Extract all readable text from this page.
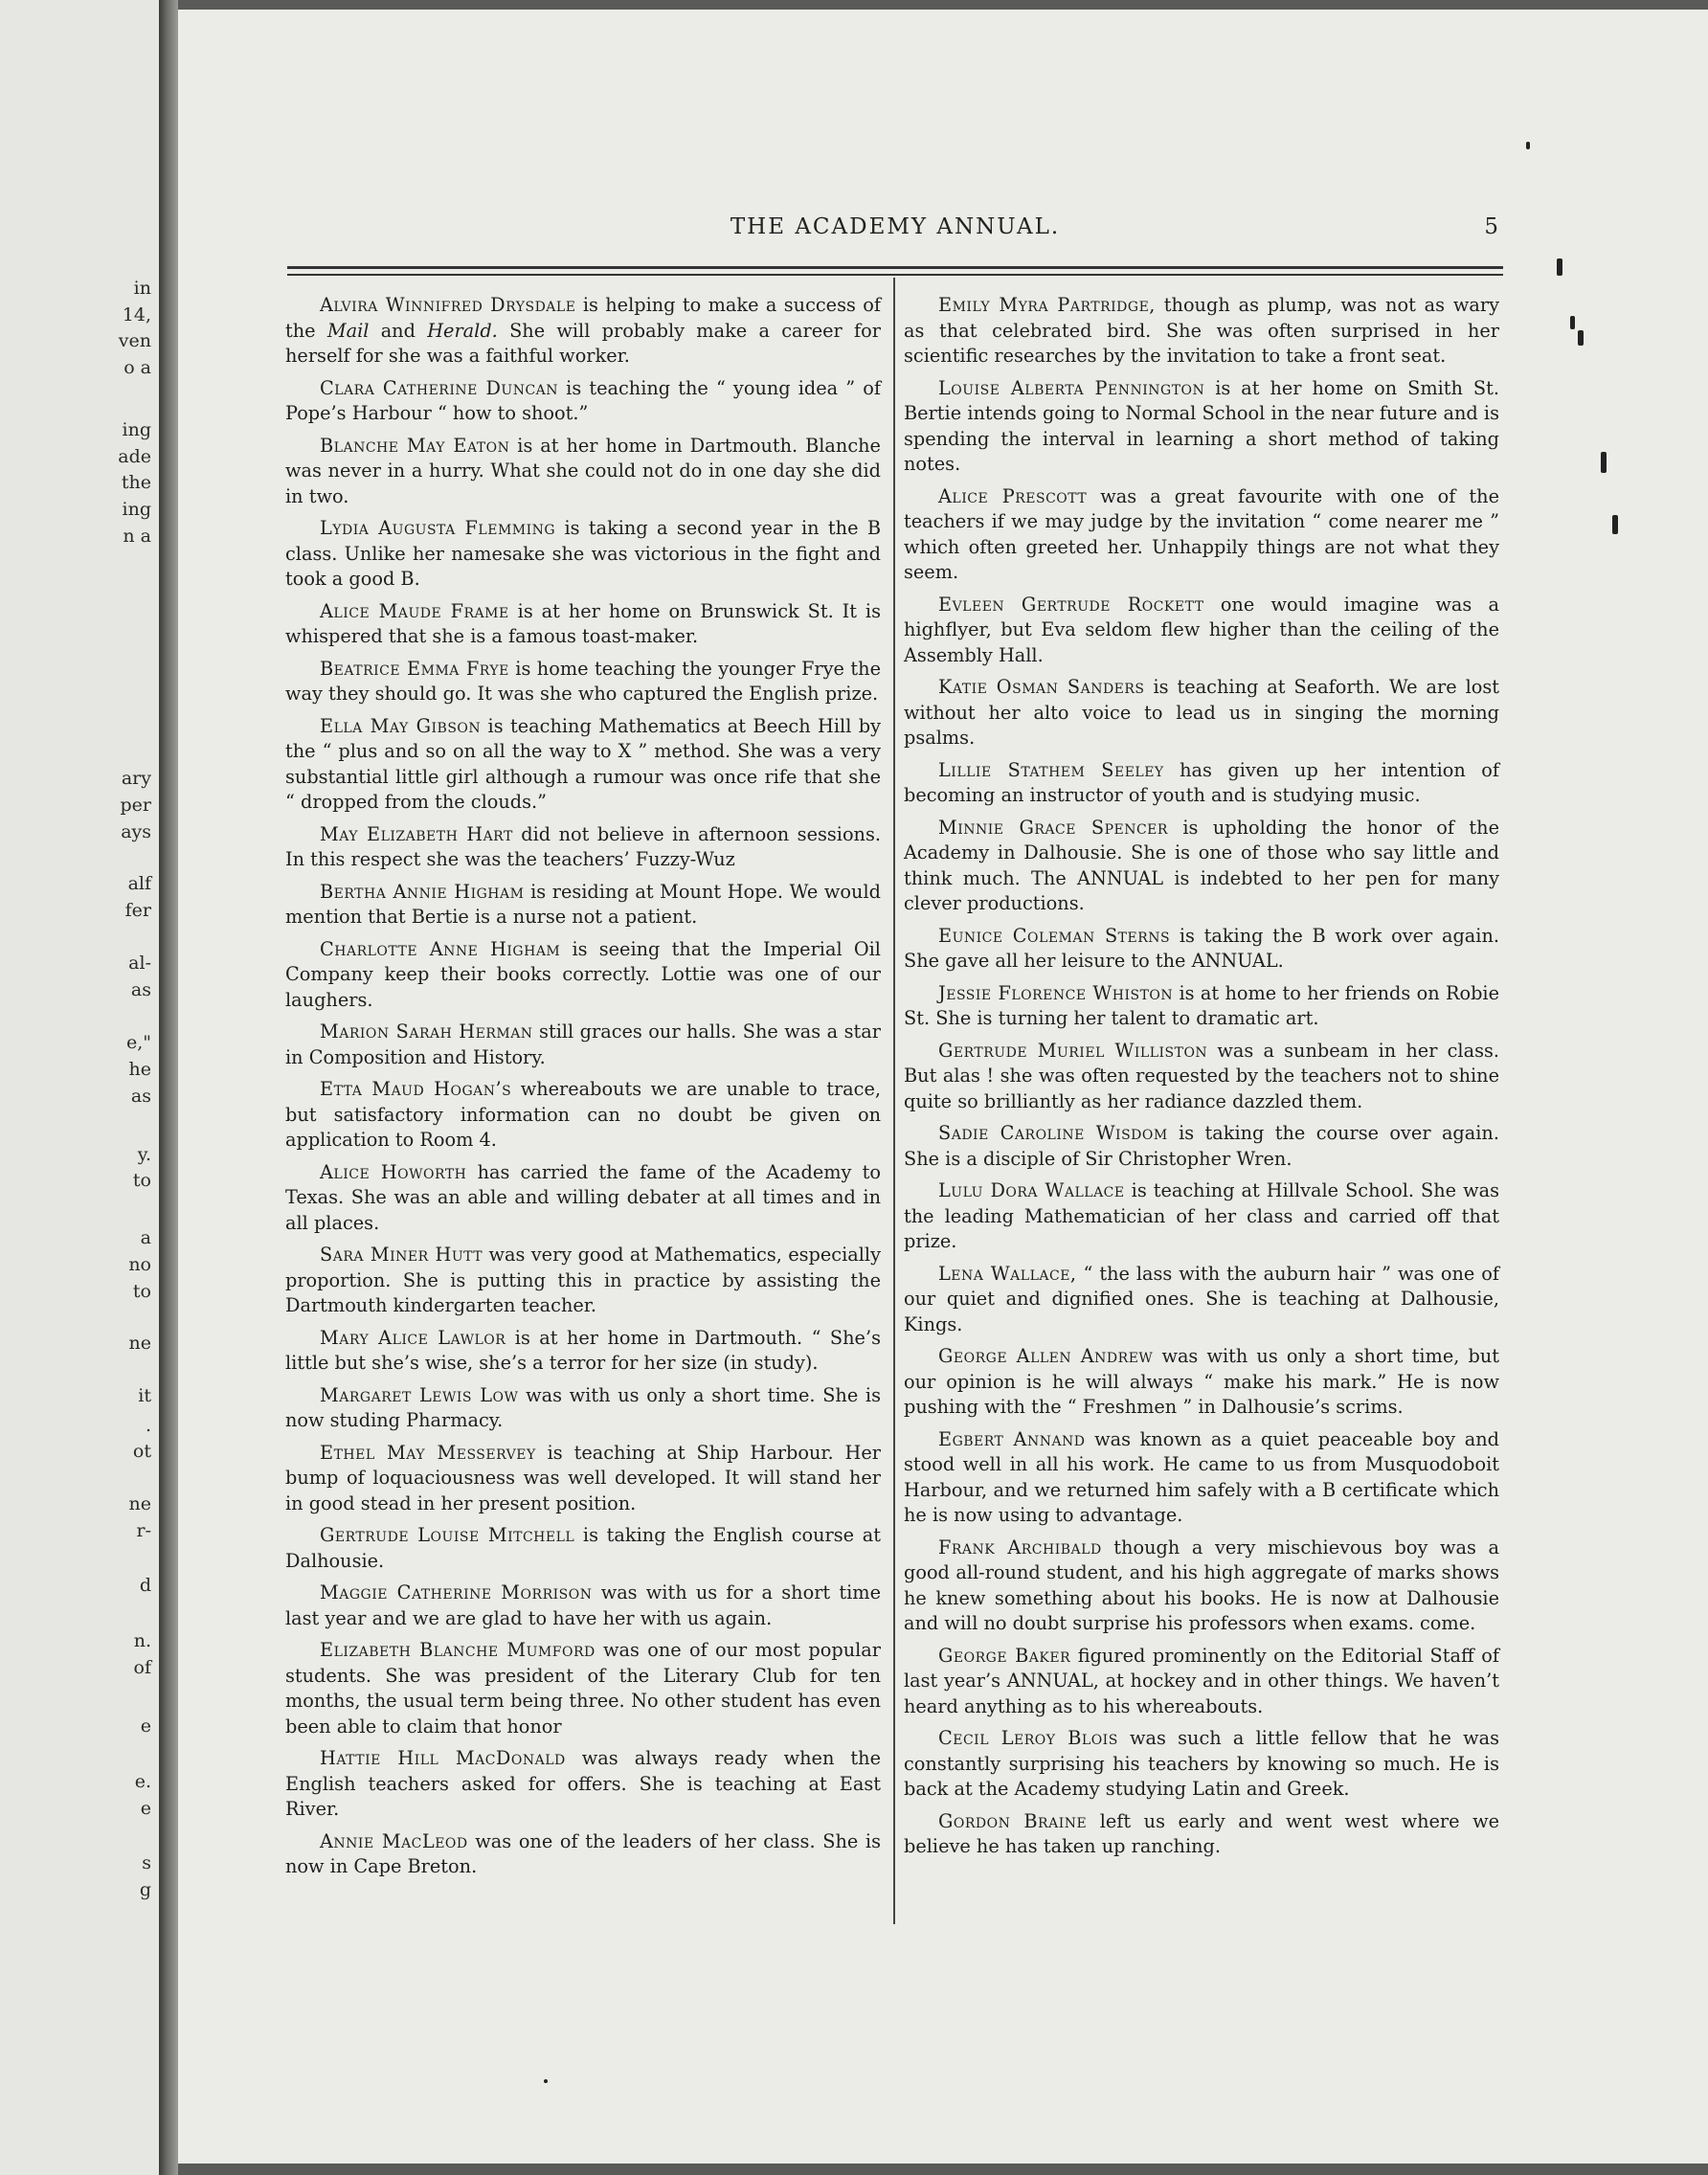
in
14,
ven
o a
ing
ade
the
ing
n a
ary
per
ays
alf
fer
al-
as
e,"
he
as
y.
to
a
no
to
ne
it
.
ot
ne
r-
d
n.
of
e
e.
e
s
g
THE ACADEMY ANNUAL.	5

Alvira Winnifred Drysdale is helping to make a success of the Mail and Herald. She will probably make a career for herself for she was a faithful worker.

Clara Catherine Duncan is teaching the “ young idea ” of Pope’s Harbour “ how to shoot.”

Blanche May Eaton is at her home in Dartmouth. Blanche was never in a hurry. What she could not do in one day she did in two.

Lydia Augusta Flemming is taking a second year in the B class. Unlike her namesake she was victorious in the fight and took a good B.

Alice Maude Frame is at her home on Brunswick St. It is whispered that she is a famous toast-maker.

Beatrice Emma Frye is home teaching the younger Frye the way they should go. It was she who captured the English prize.

Ella May Gibson is teaching Mathematics at Beech Hill by the “ plus and so on all the way to X ” method. She was a very substantial little girl although a rumour was once rife that she “ dropped from the clouds.”

May Elizabeth Hart did not believe in afternoon sessions. In this respect she was the teachers’ Fuzzy-Wuz

Bertha Annie Higham is residing at Mount Hope. We would mention that Bertie is a nurse not a patient.

Charlotte Anne Higham is seeing that the Imperial Oil Company keep their books correctly. Lottie was one of our laughers.

Marion Sarah Herman still graces our halls. She was a star in Composition and History.

Etta Maud Hogan’s whereabouts we are unable to trace, but satisfactory information can no doubt be given on application to Room 4.

Alice Howorth has carried the fame of the Academy to Texas. She was an able and willing debater at all times and in all places.

Sara Miner Hutt was very good at Mathematics, especially proportion. She is putting this in practice by assisting the Dartmouth kindergarten teacher.

Mary Alice Lawlor is at her home in Dartmouth. “ She’s little but she’s wise, she’s a terror for her size (in study).

Margaret Lewis Low was with us only a short time. She is now studing Pharmacy.

Ethel May Messervey is teaching at Ship Harbour. Her bump of loquaciousness was well developed. It will stand her in good stead in her present position.

Gertrude Louise Mitchell is taking the English course at Dalhousie.

Maggie Catherine Morrison was with us for a short time last year and we are glad to have her with us again.

Elizabeth Blanche Mumford was one of our most popular students. She was president of the Literary Club for ten months, the usual term being three. No other student has even been able to claim that honor

Hattie Hill MacDonald was always ready when the English teachers asked for offers. She is teaching at East River.

Annie MacLeod was one of the leaders of her class. She is now in Cape Breton.

Emily Myra Partridge, though as plump, was not as wary as that celebrated bird. She was often surprised in her scientific researches by the invitation to take a front seat.

Louise Alberta Pennington is at her home on Smith St. Bertie intends going to Normal School in the near future and is spending the interval in learning a short method of taking notes.

Alice Prescott was a great favourite with one of the teachers if we may judge by the invitation “ come nearer me ” which often greeted her. Unhappily things are not what they seem.

Evleen Gertrude Rockett one would imagine was a highflyer, but Eva seldom flew higher than the ceiling of the Assembly Hall.

Katie Osman Sanders is teaching at Seaforth. We are lost without her alto voice to lead us in singing the morning psalms.

Lillie Stathem Seeley has given up her intention of becoming an instructor of youth and is studying music.

Minnie Grace Spencer is upholding the honor of the Academy in Dalhousie. She is one of those who say little and think much. The ANNUAL is indebted to her pen for many clever productions.

Eunice Coleman Sterns is taking the B work over again. She gave all her leisure to the ANNUAL.

Jessie Florence Whiston is at home to her friends on Robie St. She is turning her talent to dramatic art.

Gertrude Muriel Williston was a sunbeam in her class. But alas ! she was often requested by the teachers not to shine quite so brilliantly as her radiance dazzled them.

Sadie Caroline Wisdom is taking the course over again. She is a disciple of Sir Christopher Wren.

Lulu Dora Wallace is teaching at Hillvale School. She was the leading Mathematician of her class and carried off that prize.

Lena Wallace, “ the lass with the auburn hair ” was one of our quiet and dignified ones. She is teaching at Dalhousie, Kings.

George Allen Andrew was with us only a short time, but our opinion is he will always “ make his mark.” He is now pushing with the “ Freshmen ” in Dalhousie’s scrims.

Egbert Annand was known as a quiet peaceable boy and stood well in all his work. He came to us from Musquodoboit Harbour, and we returned him safely with a B certificate which he is now using to advantage.

Frank Archibald though a very mischievous boy was a good all-round student, and his high aggregate of marks shows he knew something about his books. He is now at Dalhousie and will no doubt surprise his professors when exams. come.

George Baker figured prominently on the Editorial Staff of last year’s ANNUAL, at hockey and in other things. We haven’t heard anything as to his whereabouts.

Cecil Leroy Blois was such a little fellow that he was constantly surprising his teachers by knowing so much. He is back at the Academy studying Latin and Greek.

Gordon Braine left us early and went west where we believe he has taken up ranching.
